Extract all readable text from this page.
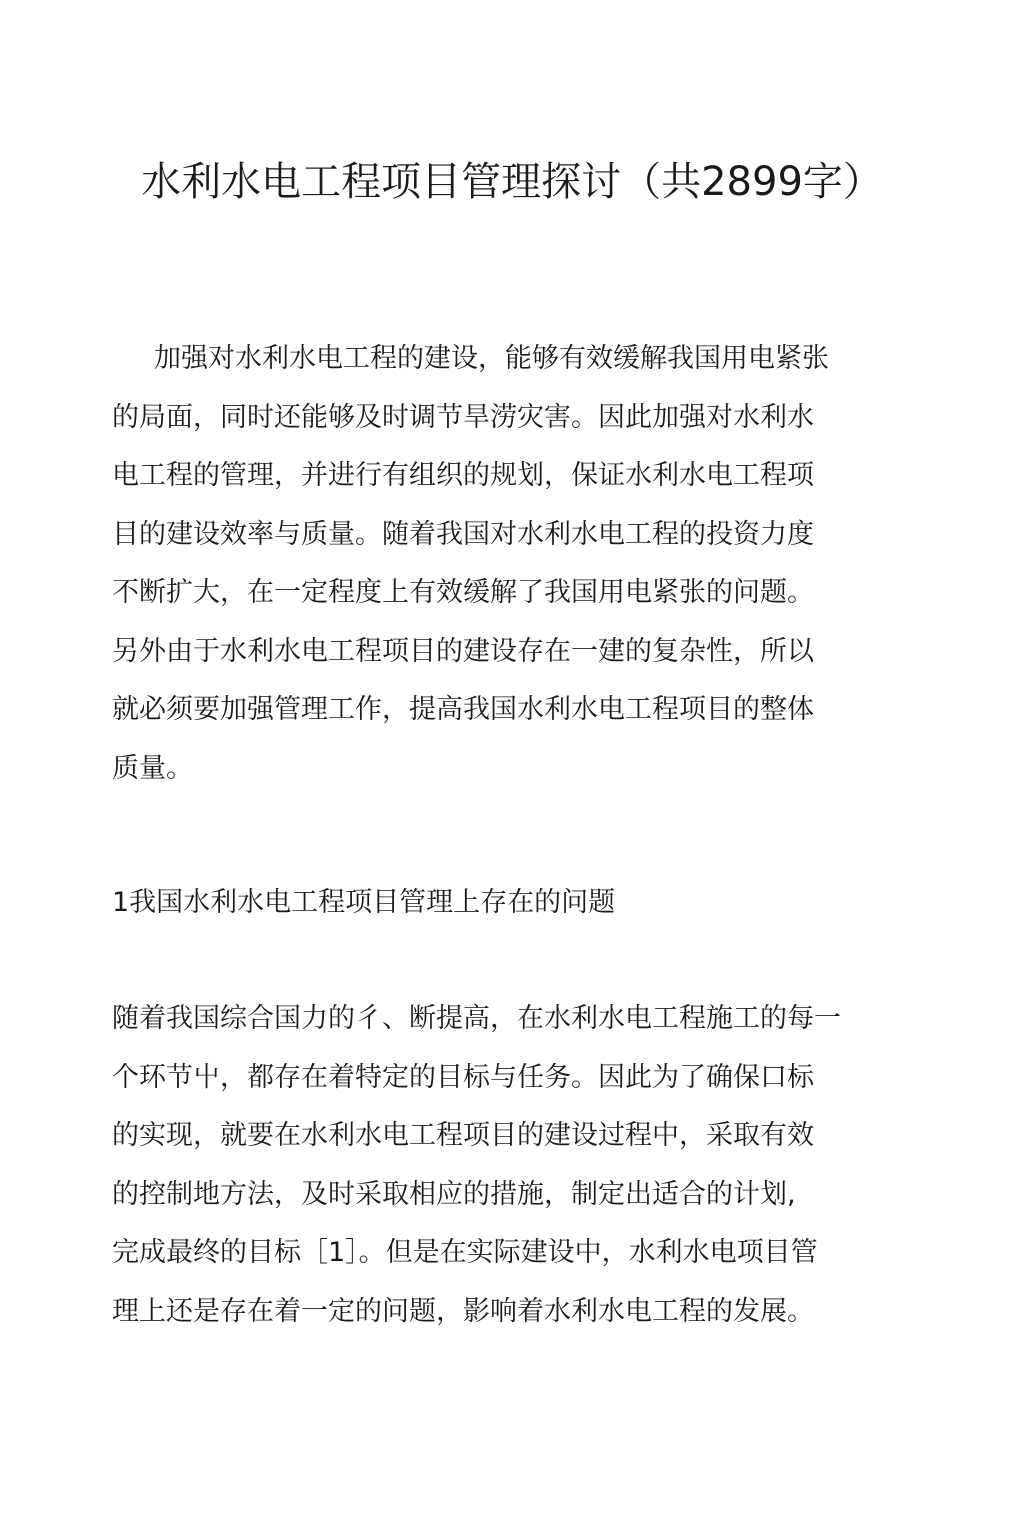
水利水电工程项目管理探讨（共2899字）

加强对水利水电工程的建设，能够有效缓解我国用电紧张
的局面，同时还能够及时调节旱涝灾害。因此加强对水利水
电工程的管理，并进行有组织的规划，保证水利水电工程项
目的建设效率与质量。随着我国对水利水电工程的投资力度
不断扩大，在一定程度上有效缓解了我国用电紧张的问题。
另外由于水利水电工程项目的建设存在一建的复杂性，所以
就必须要加强管理工作，提高我国水利水电工程项目的整体
质量。

1我国水利水电工程项目管理上存在的问题

随着我国综合国力的彳、断提高，在水利水电工程施工的每一
个环节屮，都存在着特定的目标与任务。因此为了确保口标
的实现，就要在水利水电工程项目的建设过程中，采取有效
的控制地方法，及时采取相应的措施，制定出适合的计划,
完成最终的目标［1］。但是在实际建设中，水利水电项目管
理上还是存在着一定的问题，影响着水利水电工程的发展。
